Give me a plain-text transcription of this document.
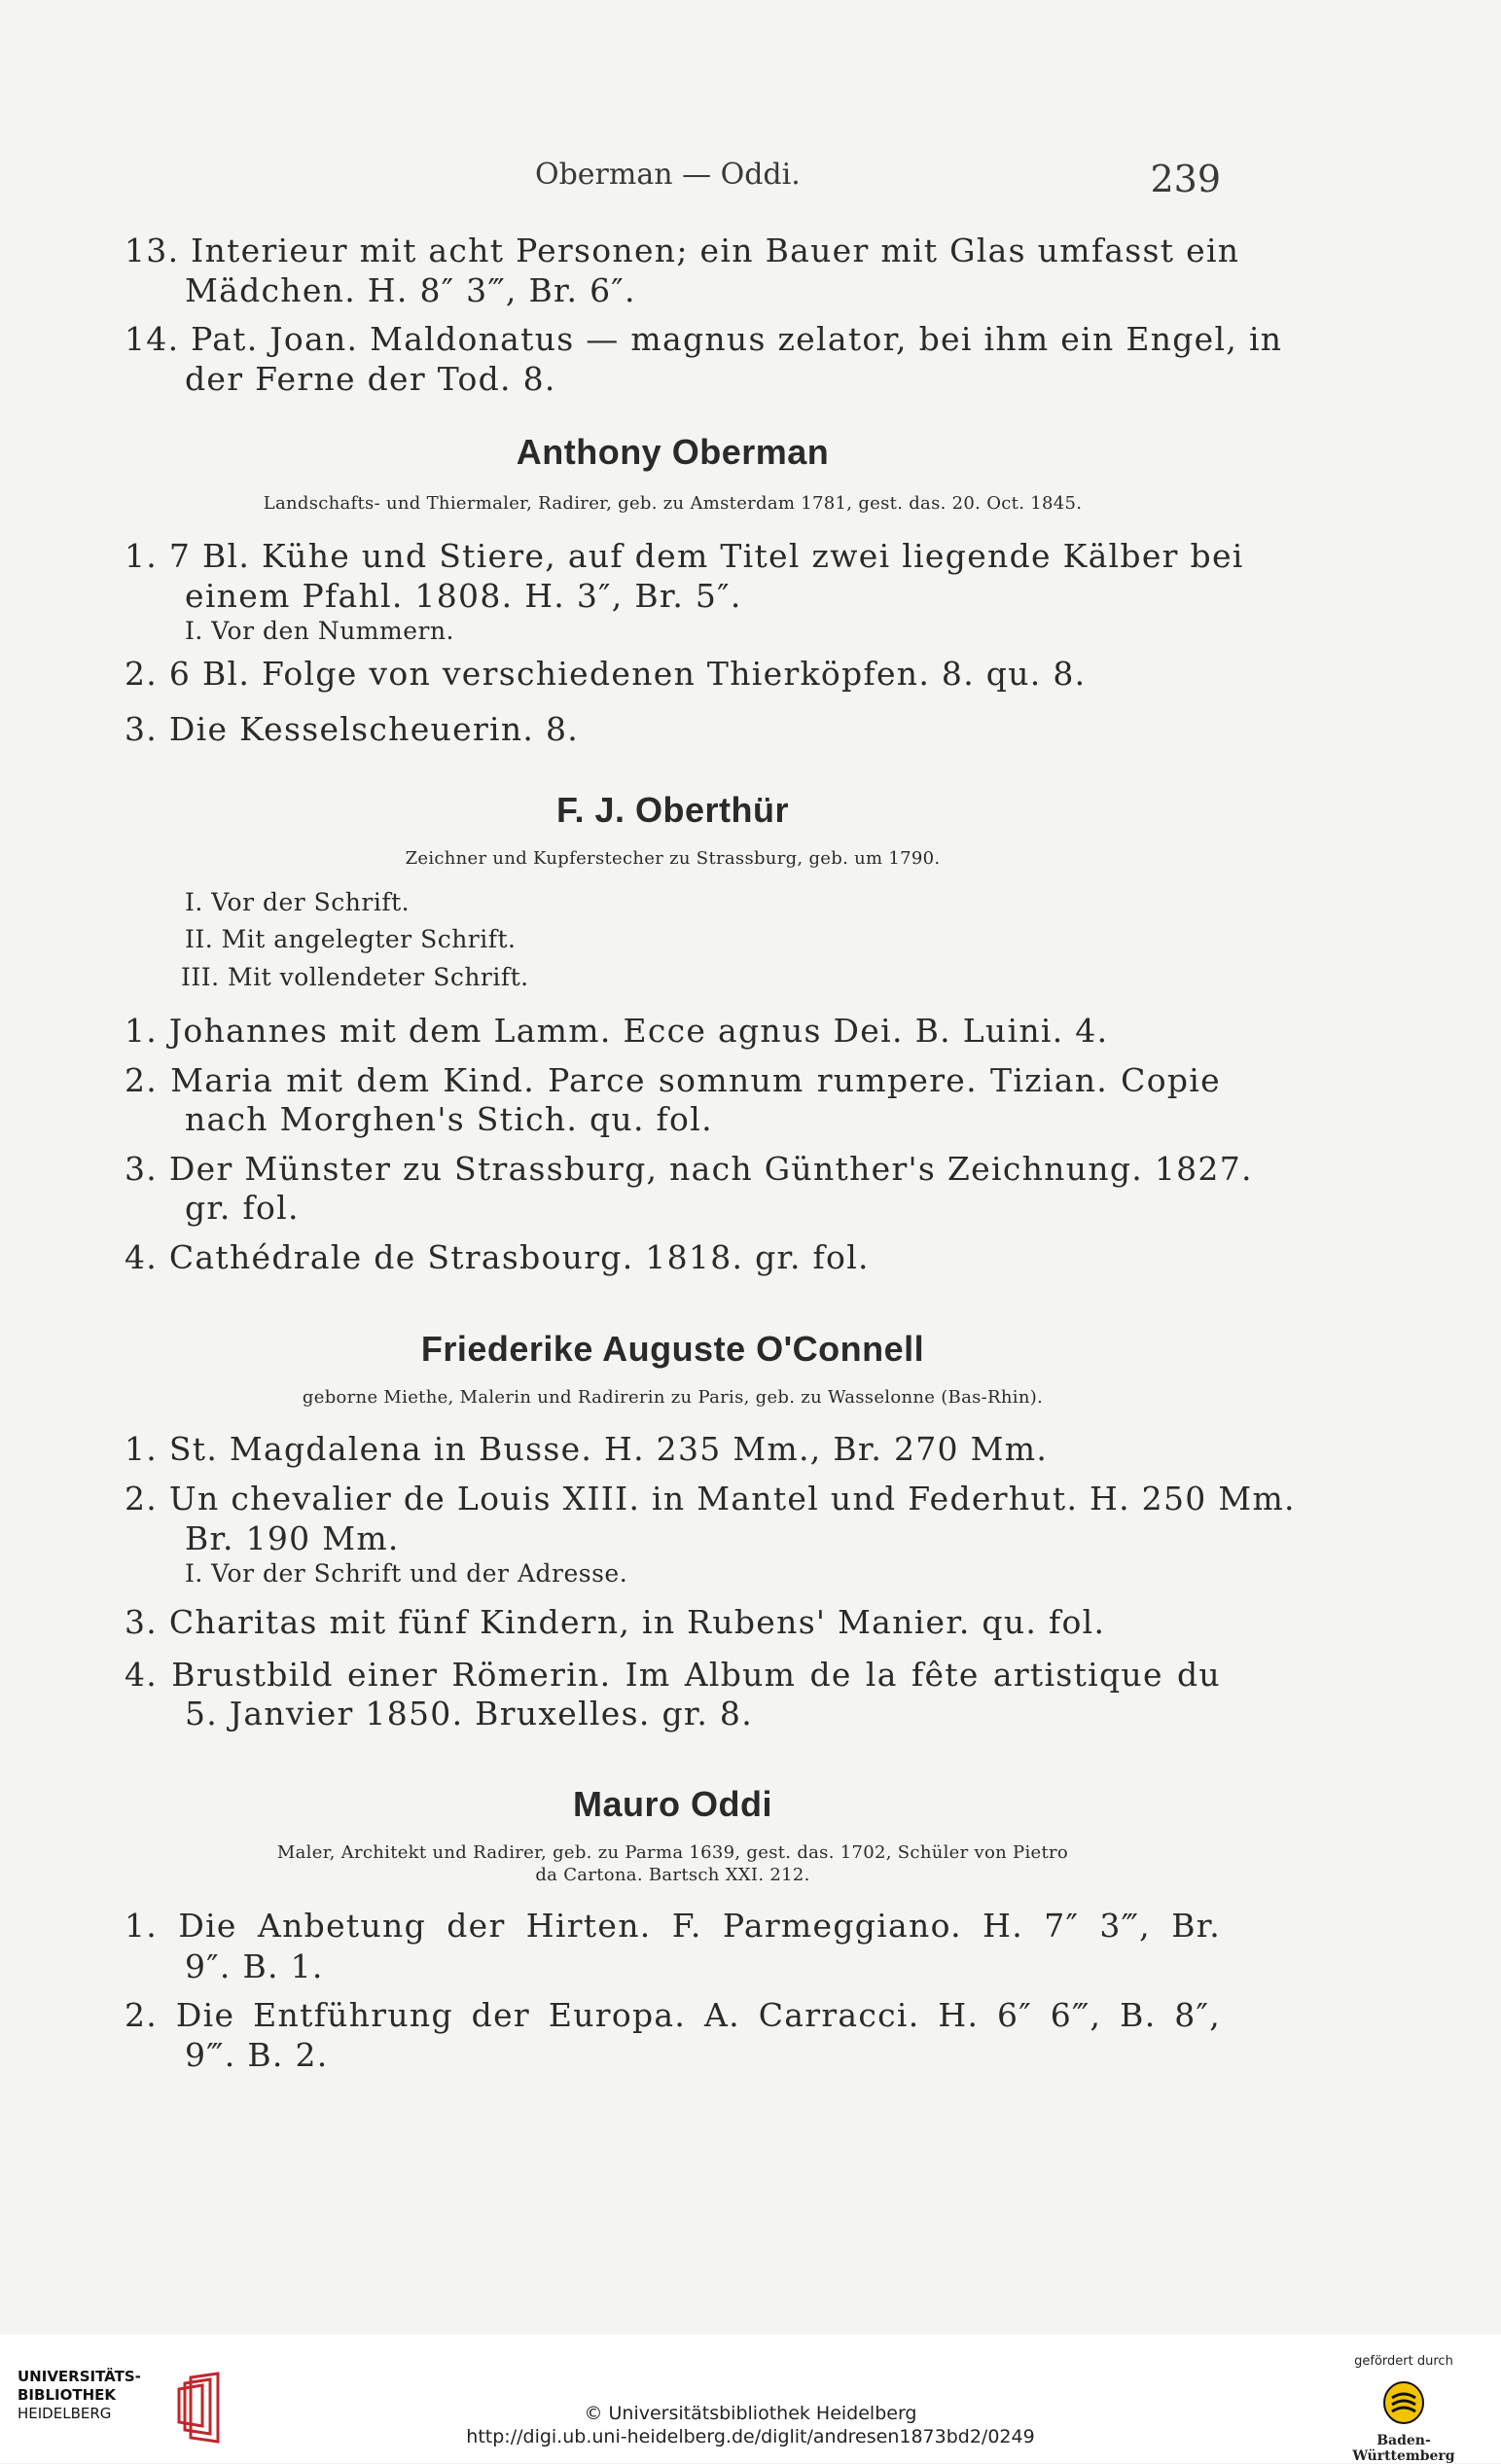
Oberman — Oddi.	239
13. Interieur mit acht Personen; ein Bauer mit Glas umfasst ein
Mädchen. H. 8″ 3‴, Br. 6″.
14. Pat. Joan. Maldonatus — magnus zelator, bei ihm ein Engel, in
der Ferne der Tod. 8.
Anthony Oberman
Landschafts- und Thiermaler, Radirer, geb. zu Amsterdam 1781, gest. das. 20. Oct. 1845.
1. 7 Bl. Kühe und Stiere, auf dem Titel zwei liegende Kälber bei
einem Pfahl. 1808. H. 3″, Br. 5″.
I. Vor den Nummern.
2. 6 Bl. Folge von verschiedenen Thierköpfen. 8. qu. 8.
3. Die Kesselscheuerin. 8.
F. J. Oberthür
Zeichner und Kupferstecher zu Strassburg, geb. um 1790.
I. Vor der Schrift.
II. Mit angelegter Schrift.
III. Mit vollendeter Schrift.
1. Johannes mit dem Lamm. Ecce agnus Dei. B. Luini. 4.
2. Maria mit dem Kind. Parce somnum rumpere. Tizian. Copie
nach Morghen's Stich. qu. fol.
3. Der Münster zu Strassburg, nach Günther's Zeichnung. 1827.
gr. fol.
4. Cathédrale de Strasbourg. 1818. gr. fol.
Friederike Auguste O'Connell
geborne Miethe, Malerin und Radirerin zu Paris, geb. zu Wasselonne (Bas-Rhin).
1. St. Magdalena in Busse. H. 235 Mm., Br. 270 Mm.
2. Un chevalier de Louis XIII. in Mantel und Federhut. H. 250 Mm.
Br. 190 Mm.
I. Vor der Schrift und der Adresse.
3. Charitas mit fünf Kindern, in Rubens' Manier. qu. fol.
4. Brustbild einer Römerin. Im Album de la fête artistique du
5. Janvier 1850. Bruxelles. gr. 8.
Mauro Oddi
Maler, Architekt und Radirer, geb. zu Parma 1639, gest. das. 1702, Schüler von Pietro
da Cartona. Bartsch XXI. 212.
1. Die Anbetung der Hirten. F. Parmeggiano. H. 7″ 3‴, Br.
9″. B. 1.
2. Die Entführung der Europa. A. Carracci. H. 6″ 6‴, B. 8″,
9‴. B. 2.
UNIVERSITÄTS-
BIBLIOTHEK
HEIDELBERG	© Universitätsbibliothek Heidelberg
http://digi.ub.uni-heidelberg.de/diglit/andresen1873bd2/0249
gefördert durch
Baden-Württemberg
